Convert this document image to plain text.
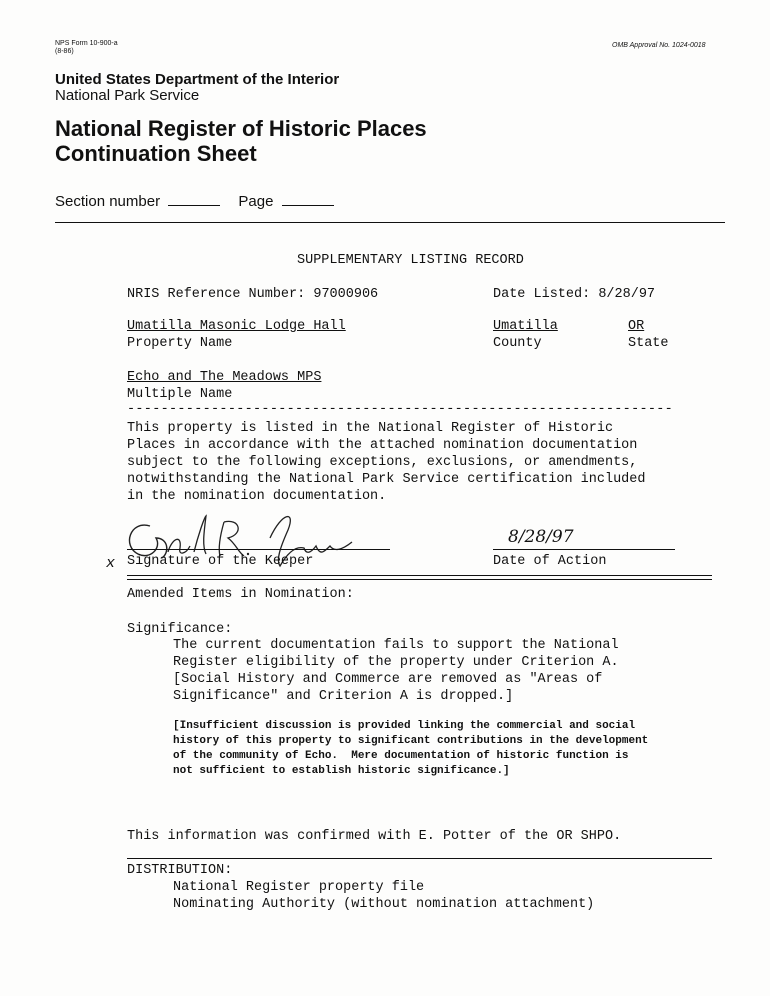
NPS Form 10-900-a
(8-86)
OMB Approval No. 1024-0018
United States Department of the Interior
National Park Service
National Register of Historic Places
Continuation Sheet
Section number	Page
SUPPLEMENTARY LISTING RECORD
NRIS Reference Number: 97000906	Date Listed: 8/28/97
Umatilla Masonic Lodge Hall
Property Name
Umatilla
County
OR
State
Echo and The Meadows MPS
Multiple Name
-----------------------------------------------------------------
This property is listed in the National Register of Historic
Places in accordance with the attached nomination documentation
subject to the following exceptions, exclusions, or amendments,
notwithstanding the National Park Service certification included
in the nomination documentation.
x Signature of the Keeper
8/28/97
Date of Action
Amended Items in Nomination:
Significance:
The current documentation fails to support the National
Register eligibility of the property under Criterion A.
[Social History and Commerce are removed as "Areas of
Significance" and Criterion A is dropped.]
[Insufficient discussion is provided linking the commercial and social
history of this property to significant contributions in the development
of the community of Echo.  Mere documentation of historic function is
not sufficient to establish historic significance.]
This information was confirmed with E. Potter of the OR SHPO.
DISTRIBUTION:
National Register property file
Nominating Authority (without nomination attachment)
